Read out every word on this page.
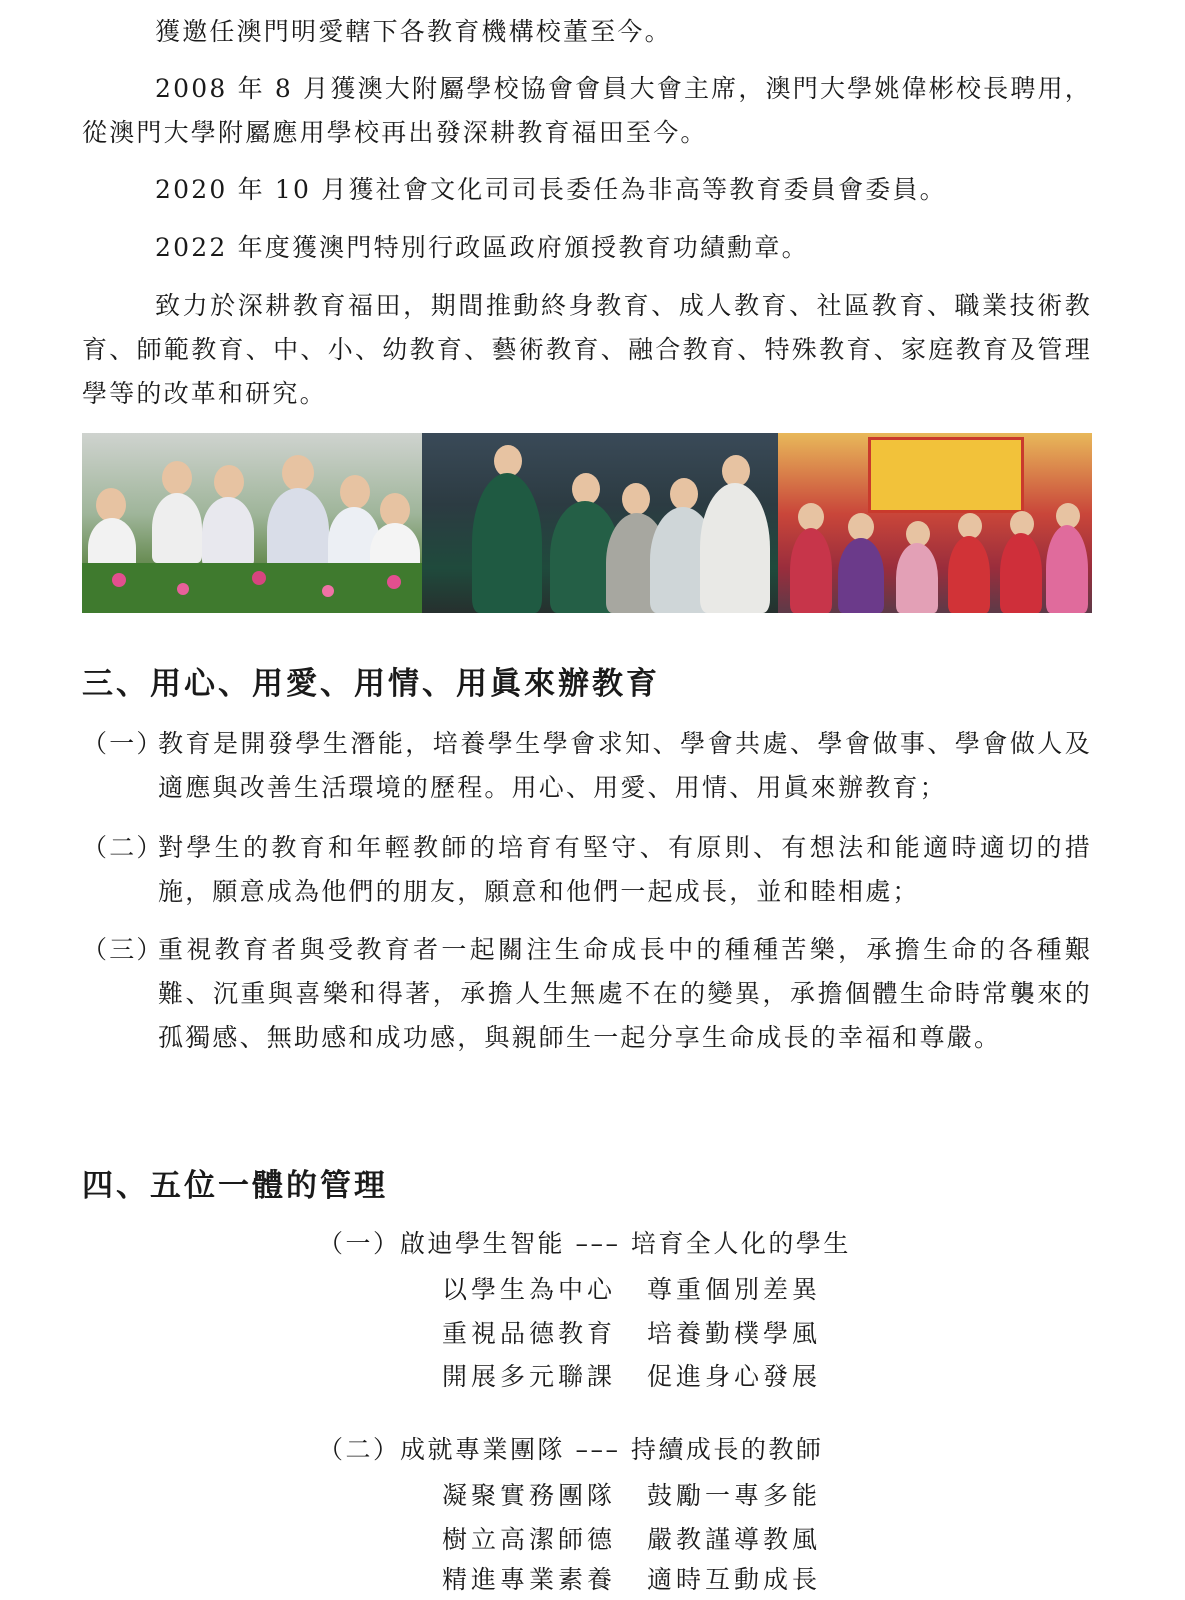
獲邀任澳門明愛轄下各教育機構校董至今。

2008 年 8 月獲澳大附屬學校協會會員大會主席，澳門大學姚偉彬校長聘用，從澳門大學附屬應用學校再出發深耕教育福田至今。

2020 年 10 月獲社會文化司司長委任為非高等教育委員會委員。

2022 年度獲澳門特別行政區政府頒授教育功績勳章。

致力於深耕教育福田，期間推動終身教育、成人教育、社區教育、職業技術教育、師範教育、中、小、幼教育、藝術教育、融合教育、特殊教育、家庭教育及管理學等的改革和研究。

三、用心、用愛、用情、用眞來辦教育
（一）
教育是開發學生潛能，培養學生學會求知、學會共處、學會做事、學會做人及適應與改善生活環境的歷程。用心、用愛、用情、用眞來辦教育；
（二）
對學生的教育和年輕教師的培育有堅守、有原則、有想法和能適時適切的措施，願意成為他們的朋友，願意和他們一起成長，並和睦相處；
（三）
重視教育者與受教育者一起關注生命成長中的種種苦樂，承擔生命的各種艱難、沉重與喜樂和得著，承擔人生無處不在的變異，承擔個體生命時常襲來的孤獨感、無助感和成功感，與親師生一起分享生命成長的幸福和尊嚴。
四、五位一體的管理
（一）啟迪學生智能 ––– 培育全人化的學生
以學生為中心 尊重個別差異
重視品德教育 培養勤樸學風
開展多元聯課 促進身心發展
（二）成就專業團隊 ––– 持續成長的教師
凝聚實務團隊 鼓勵一專多能
樹立高潔師德 嚴教謹導教風
精進專業素養 適時互動成長
